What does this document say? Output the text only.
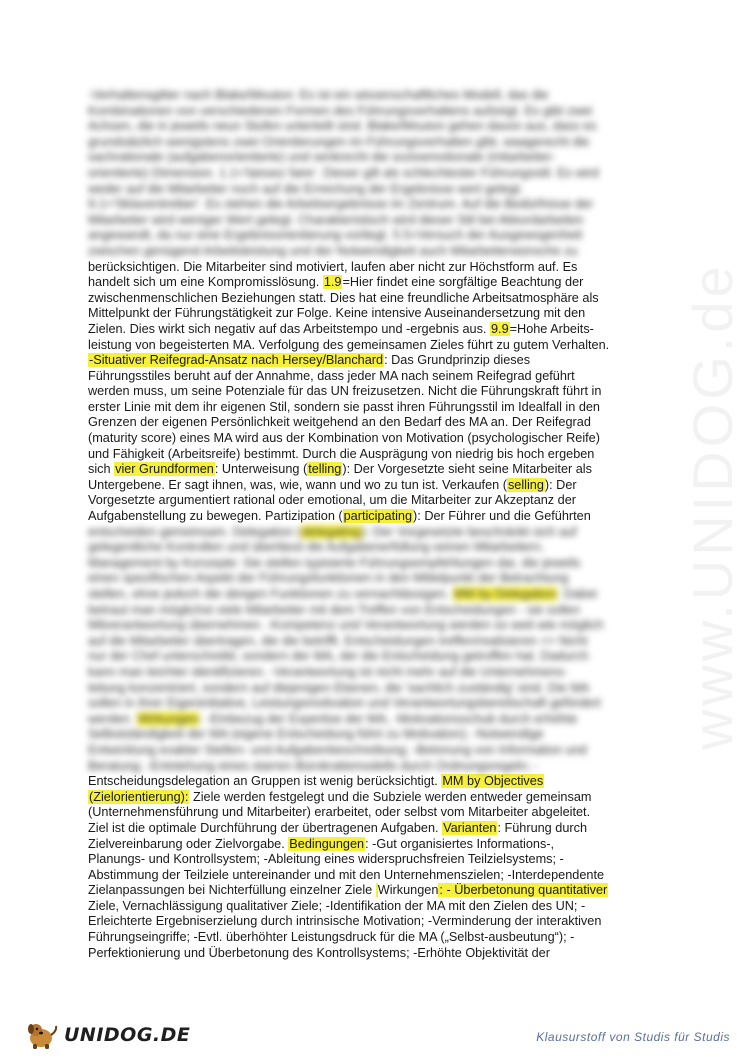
www.UNIDOG.de
-Verhaltensgitter nach Blake/Mouton: Es ist ein wissenschaftliches Modell, das die
Kombinationen von verschiedenen Formen des Führungsverhaltens aufzeigt. Es gibt zwei
Achsen, die in jeweils neun Stufen unterteilt sind. Blake/Mouton gehen davon aus, dass es
grundsätzlich wenigstens zwei Orientierungen im Führungsverhalten gibt, waagerecht die
sachrationale (aufgabenorientierte) und senkrecht die sozioemotionale (mitarbeiter-
orientierte) Dimension. 1.1='laissez faire'. Dieser gilt als schlechtester Führungsstil. Es wird
weder auf die Mitarbeiter noch auf die Erreichung der Ergebnisse wert gelegt.
9.1='Sklaventreiber'. Es stehen die Arbeitsergebnisse im Zentrum. Auf die Bedürfnisse der
Mitarbeiter wird weniger Wert gelegt. Charakteristisch wird dieser Stil bei Akkordarbeiten
angewandt, da nur eine Ergebnisorientierung vorliegt. 5.5=Versuch der Ausgewogenheit
zwischen genügend Arbeitsleistung und der Notwendigkeit auch Mitarbeiterwünsche zu
berücksichtigen. Die Mitarbeiter sind motiviert, laufen aber nicht zur Höchstform auf. Es
handelt sich um eine Kompromisslösung. 1.9=Hier findet eine sorgfältige Beachtung der
zwischenmenschlichen Beziehungen statt. Dies hat eine freundliche Arbeitsatmosphäre als
Mittelpunkt der Führungstätigkeit zur Folge. Keine intensive Auseinandersetzung mit den
Zielen. Dies wirkt sich negativ auf das Arbeitstempo und -ergebnis aus. 9.9=Hohe Arbeits-
leistung von begeisterten MA. Verfolgung des gemeinsamen Zieles führt zu gutem Verhalten.
-Situativer Reifegrad-Ansatz nach Hersey/Blanchard: Das Grundprinzip dieses
Führungsstiles beruht auf der Annahme, dass jeder MA nach seinem Reifegrad geführt
werden muss, um seine Potenziale für das UN freizusetzen. Nicht die Führungskraft führt in
erster Linie mit dem ihr eigenen Stil, sondern sie passt ihren Führungsstil im Idealfall in den
Grenzen der eigenen Persönlichkeit weitgehend an den Bedarf des MA an. Der Reifegrad
(maturity score) eines MA wird aus der Kombination von Motivation (psychologischer Reife)
und Fähigkeit (Arbeitsreife) bestimmt. Durch die Ausprägung von niedrig bis hoch ergeben
sich vier Grundformen: Unterweisung (telling): Der Vorgesetzte sieht seine Mitarbeiter als
Untergebene. Er sagt ihnen, was, wie, wann und wo zu tun ist. Verkaufen (selling): Der
Vorgesetzte argumentiert rational oder emotional, um die Mitarbeiter zur Akzeptanz der
Aufgabenstellung zu bewegen. Partizipation (participating): Der Führer und die Geführten
entscheiden gemeinsam. Delegation (delegating): Der Vorgesetzte beschränkt sich auf
gelegentliche Kontrollen und überlässt die Aufgabenerfüllung seinen Mitarbeitern.
Management by Konzepte: Sie stellen typisierte Führungsempfehlungen dar, die jeweils
einen spezifischen Aspekt der Führungsfunktionen in den Mittelpunkt der Betrachtung
stellen, ohne jedoch die übrigen Funktionen zu vernachlässigen. MM by Delegation: Dabei
betraut man möglichst viele Mitarbeiter mit dem Treffen von Entscheidungen - sie sollen
Mitverantwortung übernehmen. -Kompetenz und Verantwortung werden so weit wie möglich
auf die Mitarbeiter übertragen, die die betrifft. Entscheidungen treffen/realisieren => Nicht
nur der Chef unterschreibt, sondern der MA, der die Entscheidung getroffen hat. Dadurch
kann man leichter identifizieren. -Verantwortung ist nicht mehr auf die Unternehmens-
leitung konzentriert, sondern auf diejenigen Ebenen, die 'sachlich zuständig' sind. Die MA
sollen in ihrer Eigeninitiative, Leistungsmotivation und Verantwortungsbereitschaft gefördert
werden. Wirkungen: -Einbezug der Expertise der MA, -Motivationsschub durch erhöhte
Selbstständigkeit der MA (eigene Entscheidung führt zu Motivation); -Notwendige
Entwicklung exakter Stellen- und Aufgabenbeschreibung; -Betonung von Information und
Beratung; -Entstehung eines starren Bürokratiemodells durch Ordnungsregeln; -
Entscheidungsdelegation an Gruppen ist wenig berücksichtigt. MM by Objectives
(Zielorientierung): Ziele werden festgelegt und die Subziele werden entweder gemeinsam
(Unternehmensführung und Mitarbeiter) erarbeitet, oder selbst vom Mitarbeiter abgeleitet.
Ziel ist die optimale Durchführung der übertragenen Aufgaben. Varianten: Führung durch
Zielvereinbarung oder Zielvorgabe. Bedingungen: -Gut organisiertes Informations-,
Planungs- und Kontrollsystem; -Ableitung eines widerspruchsfreien Teilzielsystems; -
Abstimmung der Teilziele untereinander und mit den Unternehmenszielen; -Interdependente
Zielanpassungen bei Nichterfüllung einzelner Ziele Wirkungen: - Überbetonung quantitativer
Ziele, Vernachlässigung qualitativer Ziele; -Identifikation der MA mit den Zielen des UN; -
Erleichterte Ergebniserzielung durch intrinsische Motivation; -Verminderung der interaktiven
Führungseingriffe; -Evtl. überhöhter Leistungsdruck für die MA („Selbst-ausbeutung“); -
Perfektionierung und Überbetonung des Kontrollsystems; -Erhöhte Objektivität der
UNIDOG.DE	Klausurstoff von Studis für Studis
